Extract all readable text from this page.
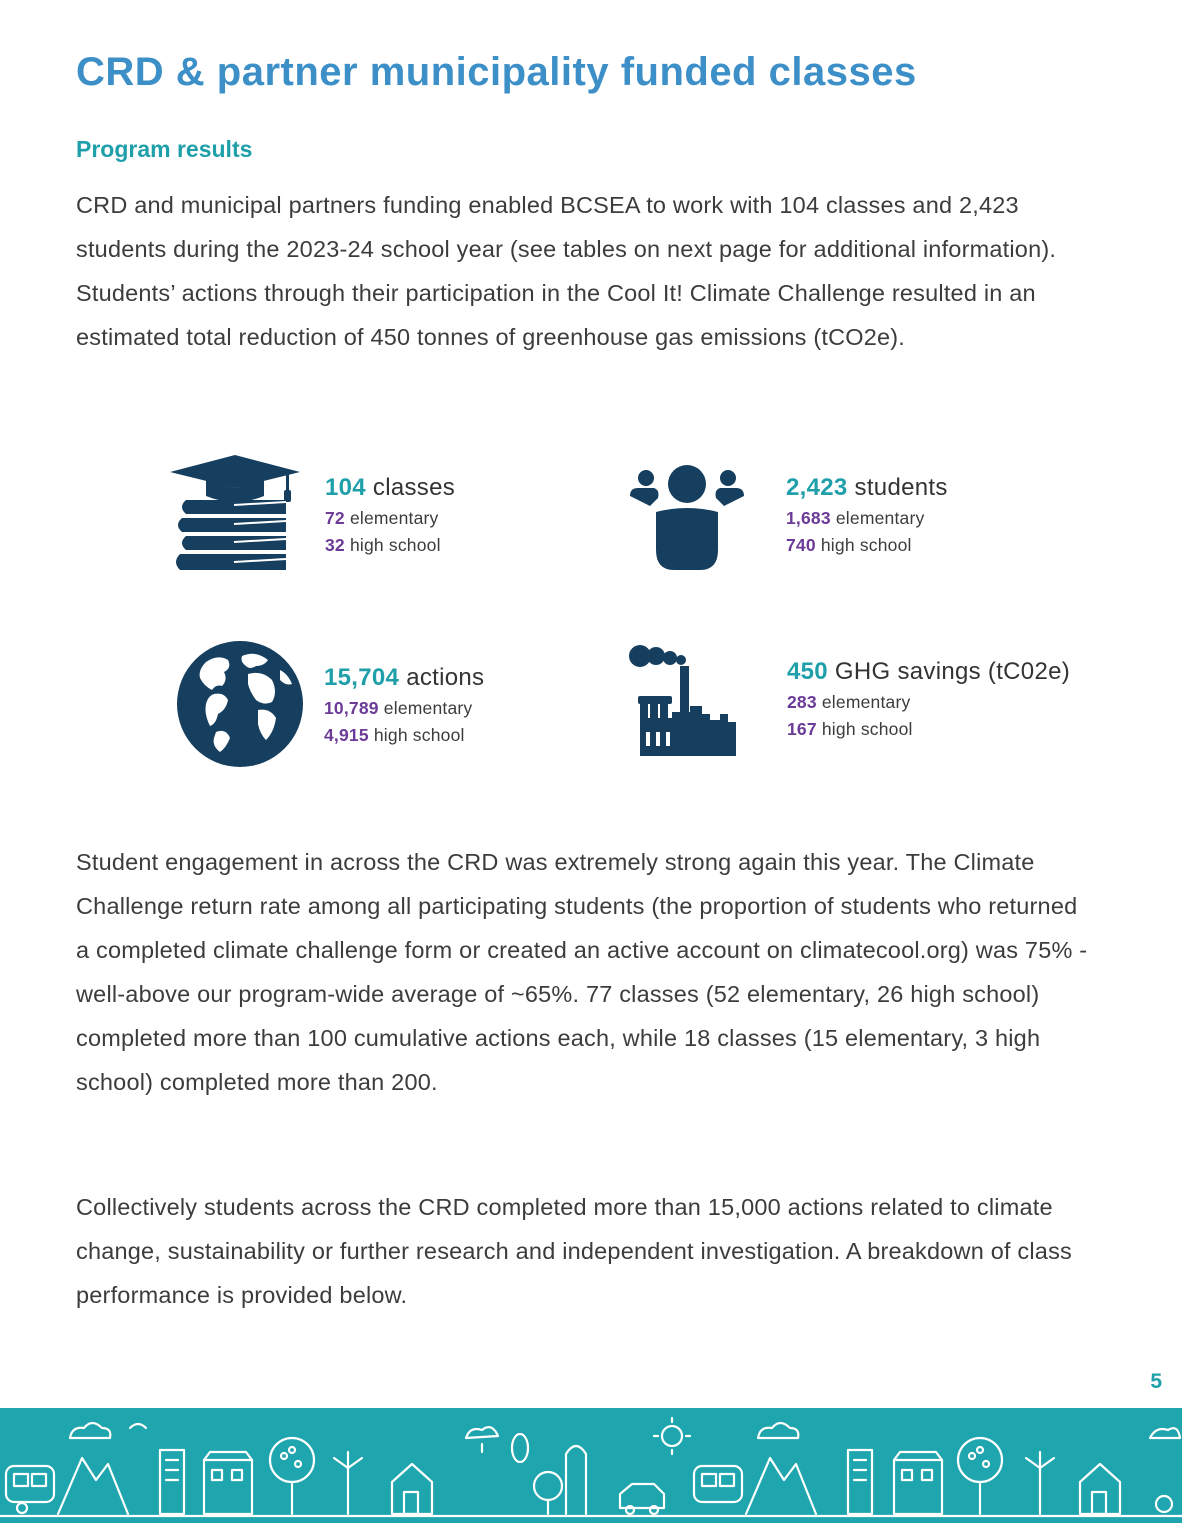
CRD & partner municipality funded classes
Program results

CRD and municipal partners funding enabled BCSEA to work with 104 classes and 2,423 students during the 2023-24 school year (see tables on next page for additional information). Students’ actions through their participation in the Cool It! Climate Challenge resulted in an estimated total reduction of 450 tonnes of greenhouse gas emissions (tCO2e).

104 classes
72 elementary
32 high school
2,423 students
1,683 elementary
740 high school
15,704 actions
10,789 elementary
4,915 high school
450 GHG savings (tC02e)
283 elementary
167 high school

Student engagement in across the CRD was extremely strong again this year. The Climate Challenge return rate among all participating students (the proportion of students who returned a completed climate challenge form or created an active account on climatecool.org) was 75% - well-above our program-wide average of ~65%. 77 classes (52 elementary, 26 high school) completed more than 100 cumulative actions each, while 18 classes (15 elementary, 3 high school) completed more than 200.

Collectively students across the CRD completed more than 15,000 actions related to climate change, sustainability or further research and independent investigation. A breakdown of class performance is provided below.

5
